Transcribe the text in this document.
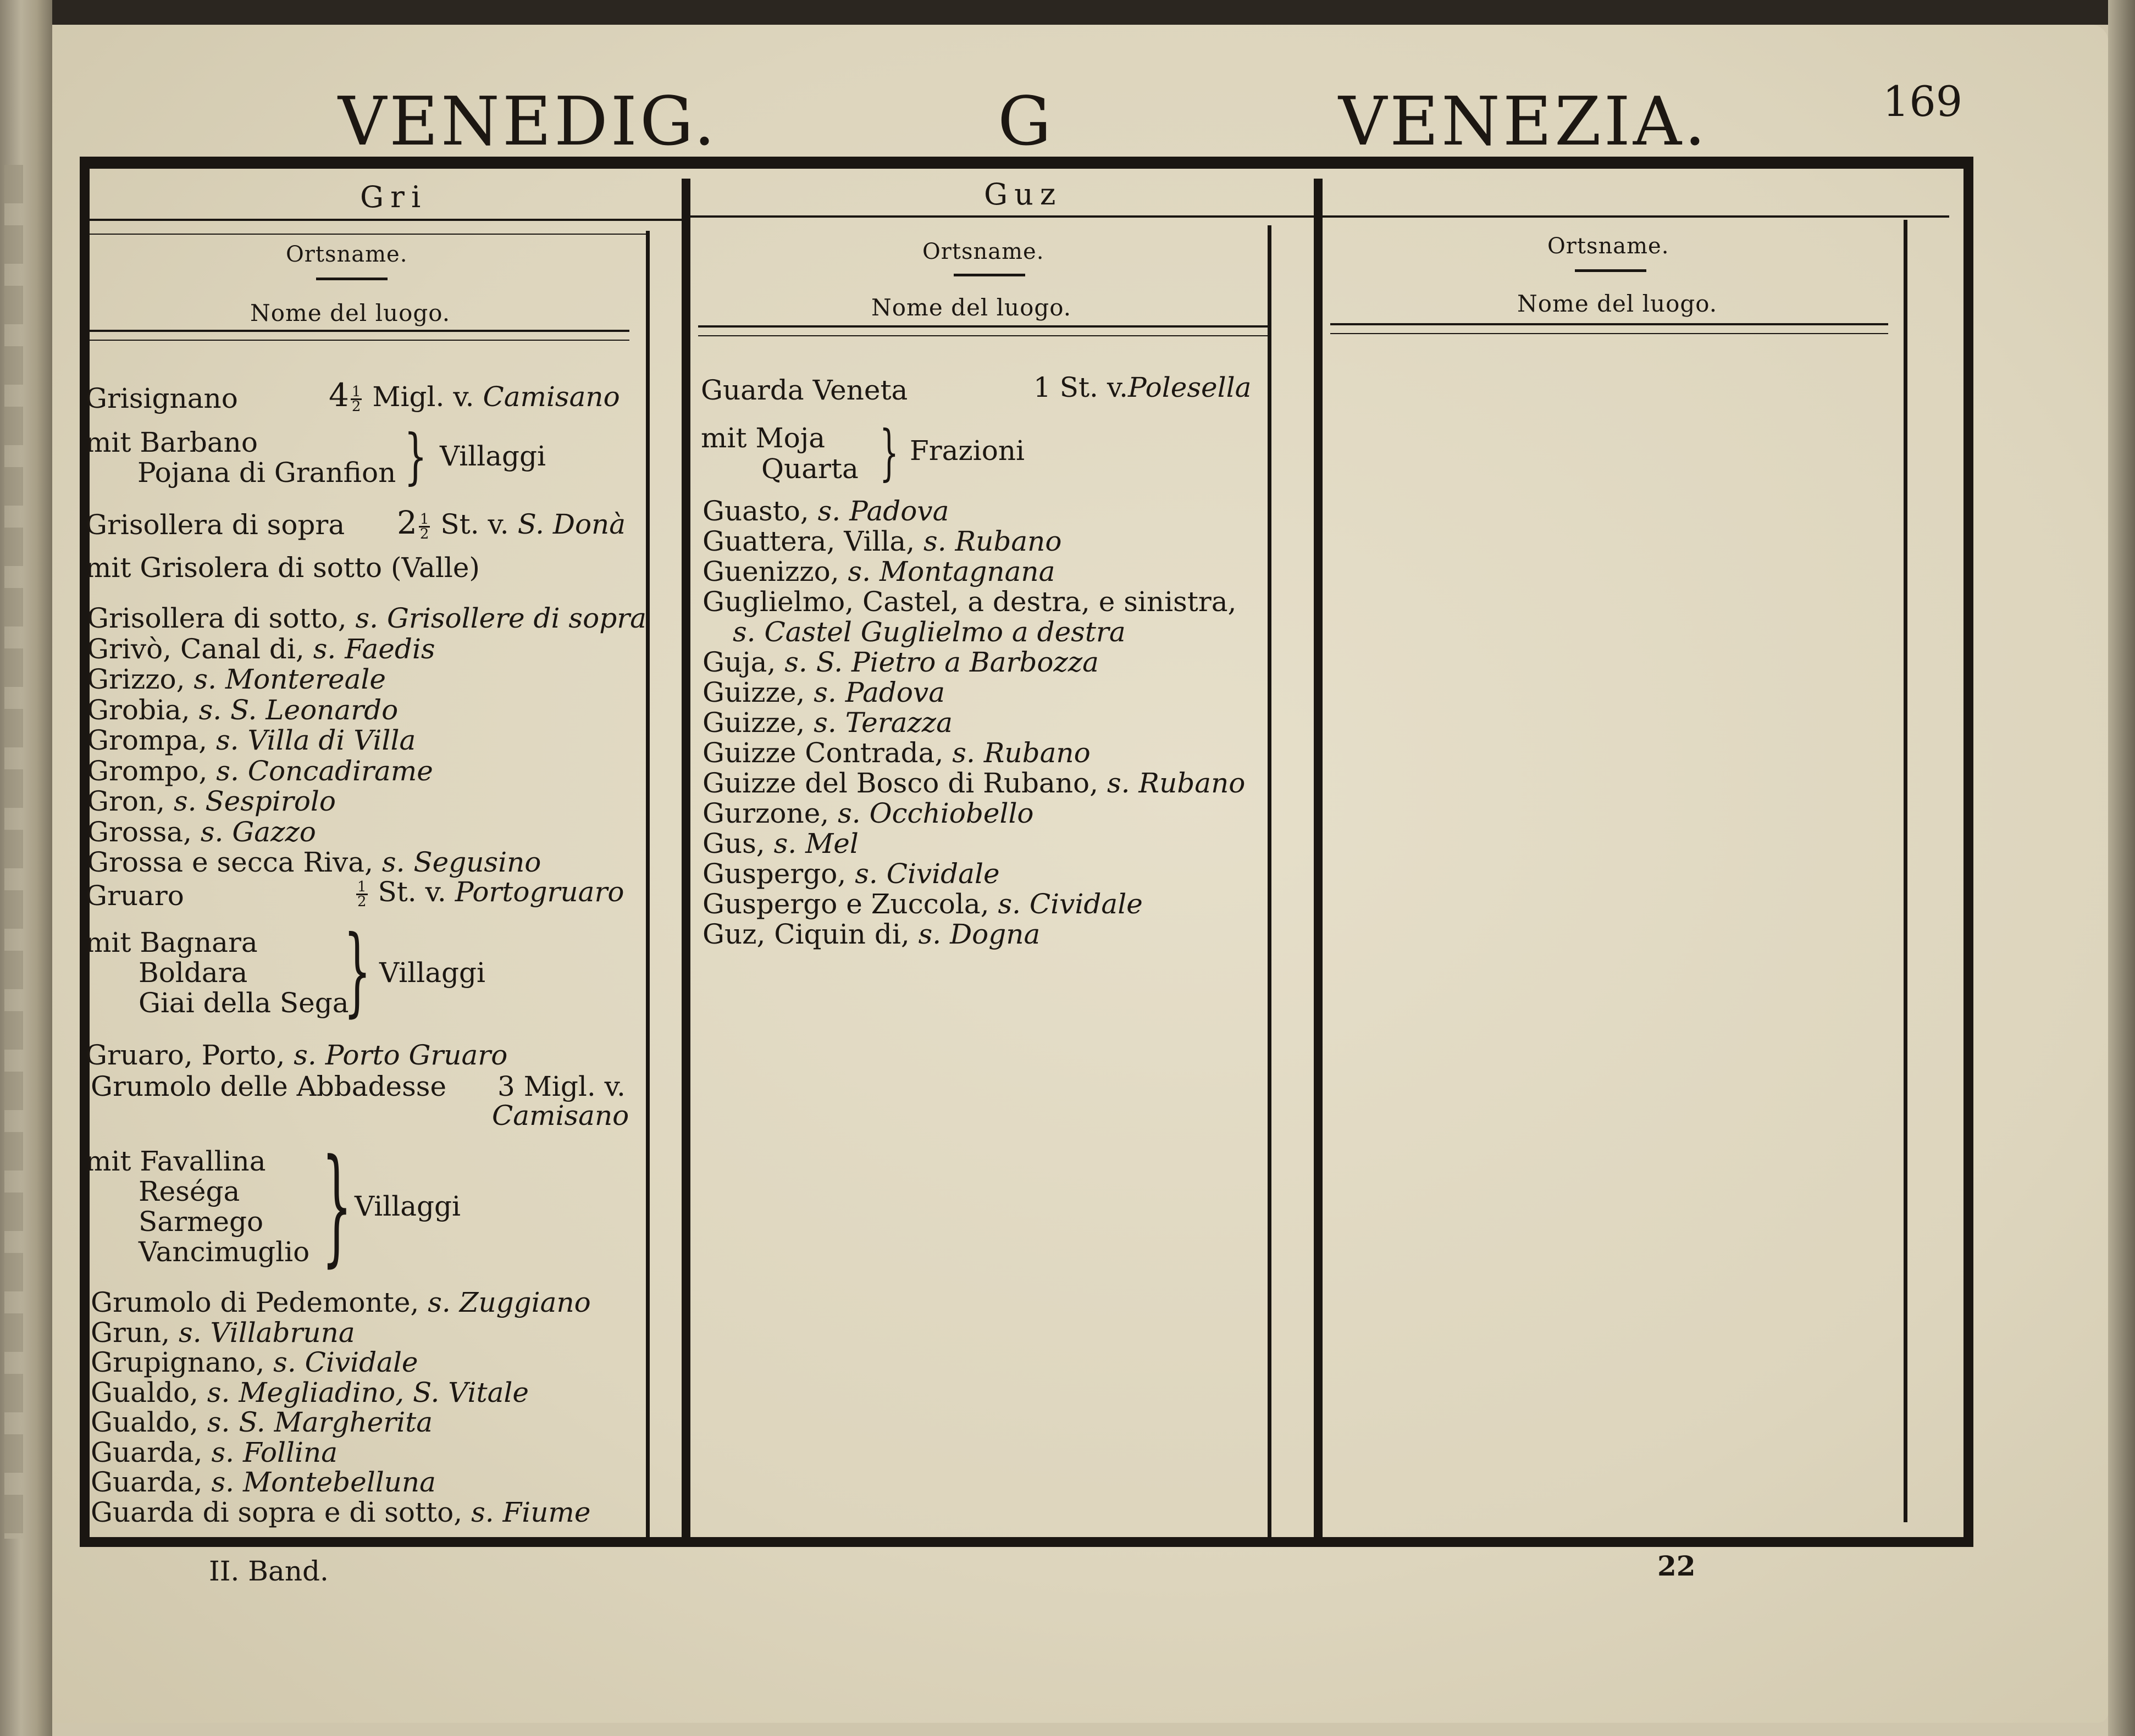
VENEDIG.	G	VENEZIA.	169
Gri
Ortsname.
Nome del luogo.
Guz
Ortsname.
Nome del luogo.
Ortsname.
Nome del luogo.
Grisignano	$4 \frac{1}{2}$ Migl. v. Camisano
mit Barbano
Pojana di Granfion } Villaggi
Grisollera di sopra $2 \frac{1}{2} St$. v. S. Donà
mit Grisolera di sotto (Valle)
Grisollera di sotto, s. Grisollere di sopra
Grivò, Canal di, s. Faedis
Grizzo, s. Montereale
Grobia, s. S. Leonardo
Grompa, s. Villa di Villa
Grompo, s. Concadirame
Gron, s. Sespirolo
Grossa, s. Gazzo
Grossa e secca Riva, s. Segusino
Gruaro	$\frac{1}{2} St$. v. Portogruaro
mit Bagnara
Boldara
Giai della Sega
} Villaggi
Gruaro, Porto, s. Porto Gruaro
Grumolo delle Abbadesse 3 Migl. v.
Camisano
mit Favallina
Reséga
Sarmego
Vancimuglio } Villaggi
Grumolo di Pedemonte, s. Zuggiano
Grun, s. Villabruna
Grupignano, s. Cividale
Gualdo, s. Megliadino, S. Vitale
Gualdo, s. S. Margherita
Guarda, s. Follina
Guarda, s. Montebelluna
Guarda di sopra e di sotto, s. Fiume
Guarda Veneta	1 St. v.Polesella
mit Moja
Quarta } Frazioni
Guasto, s. Padova
Guattera, Villa, s. Rubano
Guenizzo, s. Montagnana
Guglielmo, Castel, a destra, e sinistra,
s. Castel Guglielmo a destra
Guja, s. S. Pietro a Barbozza
Guizze, s. Padova
Guizze, s. Terazza
Guizze Contrada, s. Rubano
Guizze del Bosco di Rubano, s. Rubano
Gurzone, s. Occhiobello
Gus, s. Mel
Guspergo, s. Cividale
Guspergo e Zuccola, s. Cividale
Guz, Ciquin di, s. Dogna
II. Band.	22
